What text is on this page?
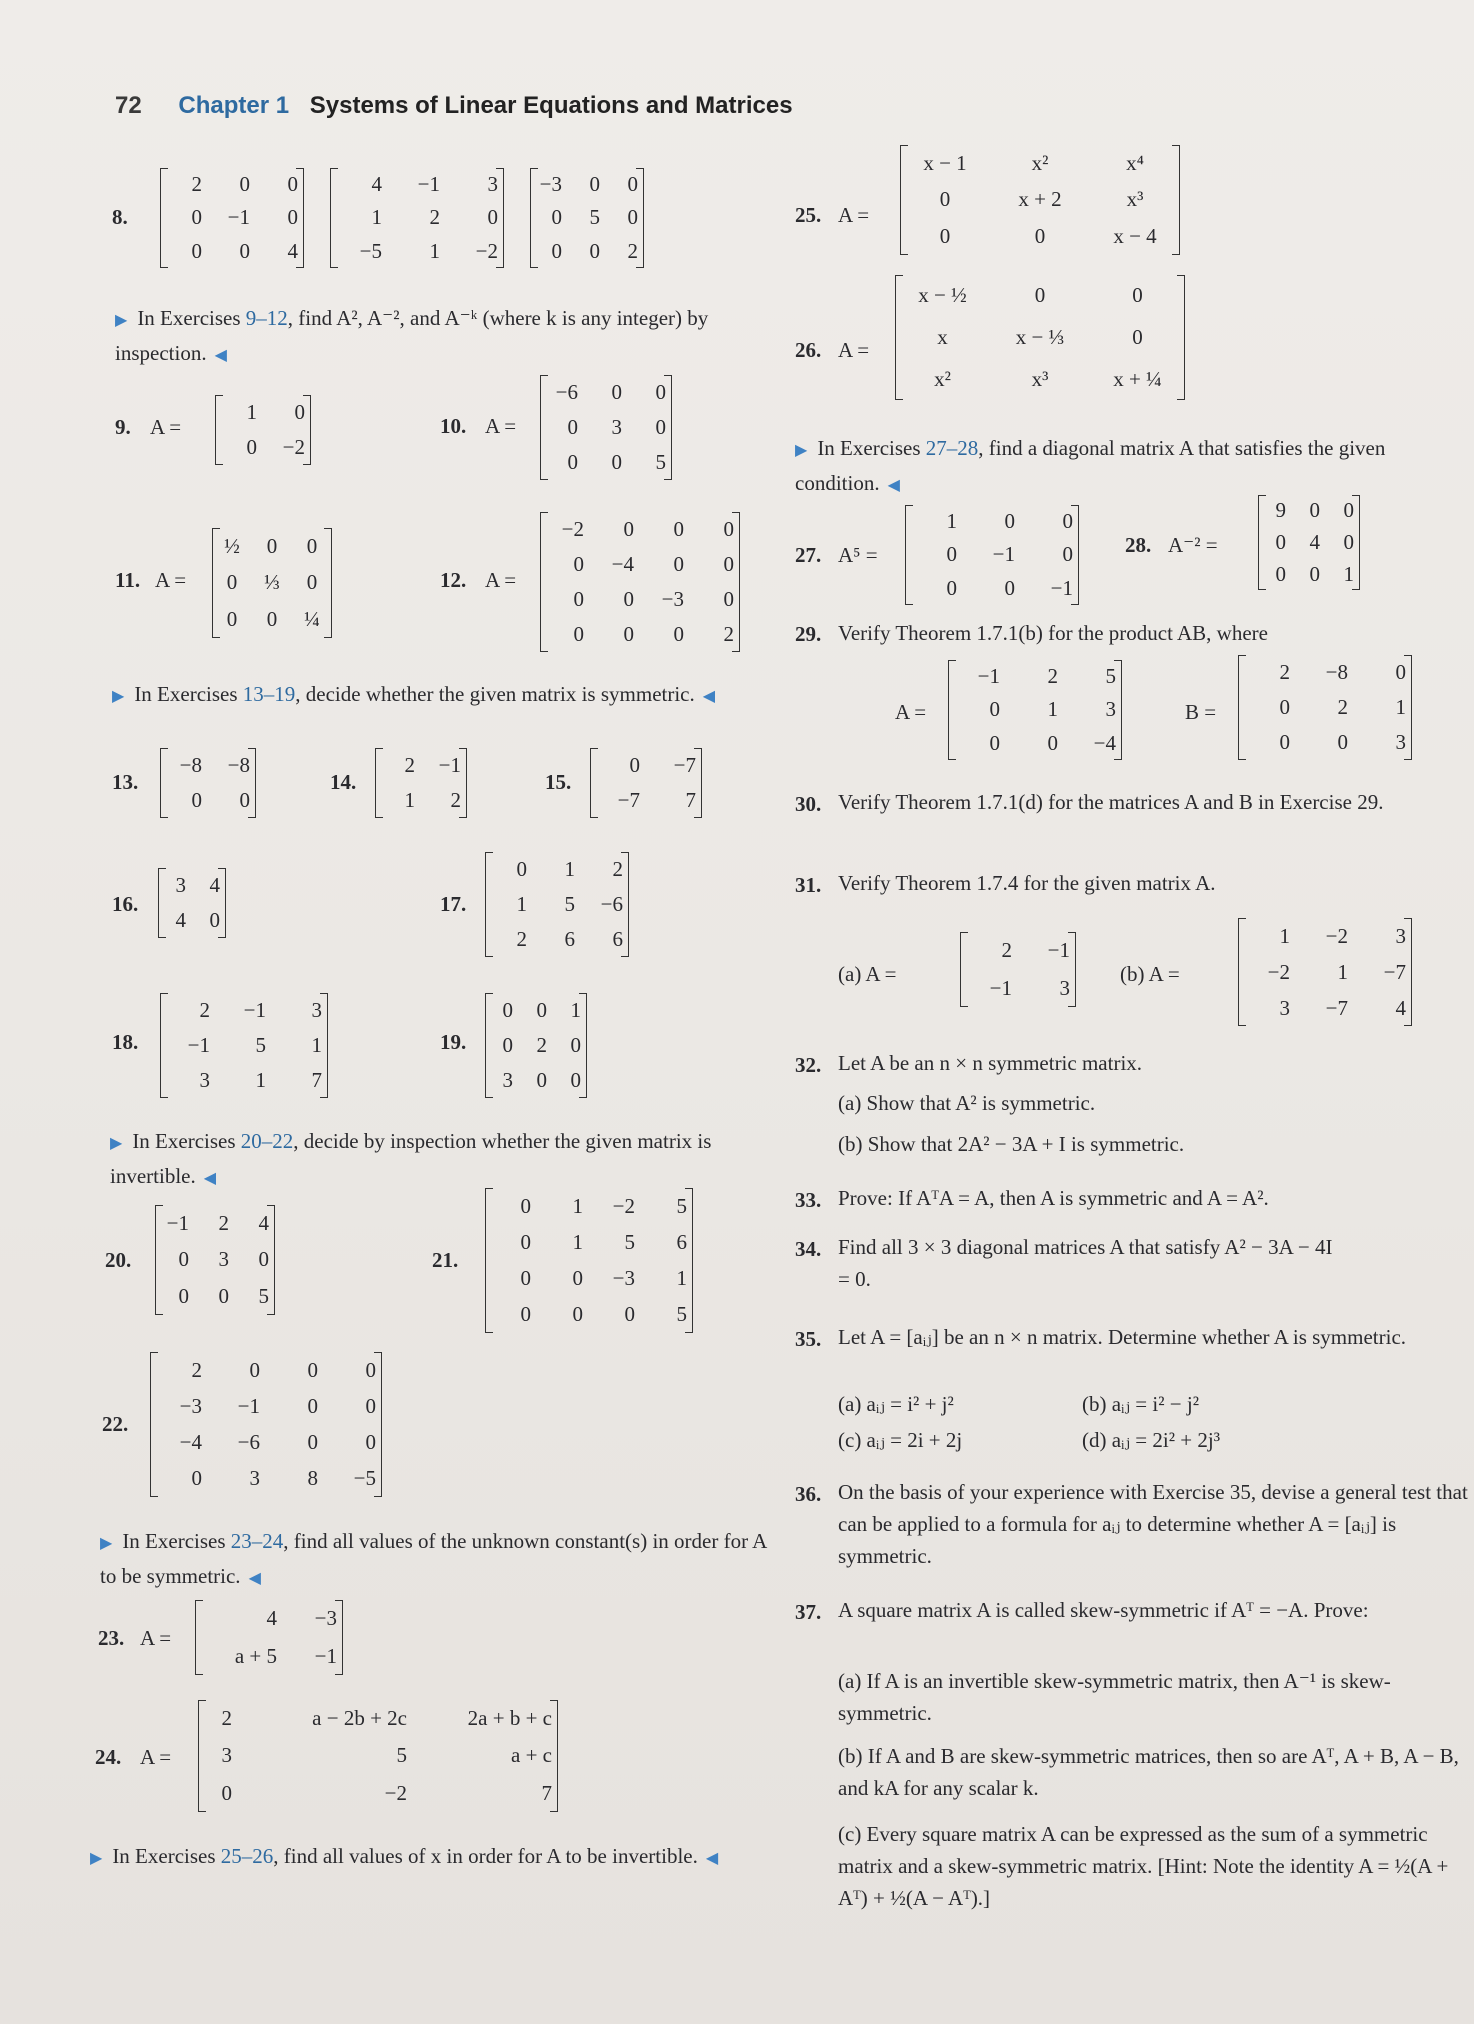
72 Chapter 1 Systems of Linear Equations and Matrices
8.
2	0	0
0	−1	0
0	0	4
4	−1	3
1	2	0
−5	1	−2
−3	0	0
0	5	0
0	0	2
▶ In Exercises 9–12, find A², A⁻², and A⁻ᵏ (where k is any integer) by inspection. ◀
9. A =
1	0
0	−2
10. A =
−6	0	0
0	3	0
0	0	5
11. A =
½	0	0
0	⅓	0
0	0	¼
12. A =
−2	0	0	0
0	−4	0	0
0	0	−3	0
0	0	0	2
▶ In Exercises 13–19, decide whether the given matrix is symmetric. ◀
13.
−8	−8
0	0
14.
2	−1
1	2
15.
0	−7
−7	7
16.
3	4
4	0
17.
0	1	2
1	5	−6
2	6	6
18.
2	−1	3
−1	5	1
3	1	7
19.
0	0	1
0	2	0
3	0	0
▶ In Exercises 20–22, decide by inspection whether the given matrix is invertible. ◀
20.
−1	2	4
0	3	0
0	0	5
21.
0	1	−2	5
0	1	5	6
0	0	−3	1
0	0	0	5
22.
2	0	0	0
−3	−1	0	0
−4	−6	0	0
0	3	8	−5
▶ In Exercises 23–24, find all values of the unknown constant(s) in order for A to be symmetric. ◀
23. A =
4	−3
a + 5	−1
24. A =
2	a − 2b + 2c	2a + b + c
3	5	a + c
0	−2	7
▶ In Exercises 25–26, find all values of x in order for A to be invertible. ◀
25. A =
x − 1	x²	x⁴
0	x + 2	x³
0	0	x − 4
26. A =
x − ½	0	0
x	x − ⅓	0
x²	x³	x + ¼
▶ In Exercises 27–28, find a diagonal matrix A that satisfies the given condition. ◀
27. A⁵ =
1	0	0
0	−1	0
0	0	−1
28. A⁻² =
9	0	0
0	4	0
0	0	1
29. Verify Theorem 1.7.1(b) for the product AB, where
A =
−1	2	5
0	1	3
0	0	−4
B =
2	−8	0
0	2	1
0	0	3
30. Verify Theorem 1.7.1(d) for the matrices A and B in Exercise 29.
31. Verify Theorem 1.7.4 for the given matrix A.
(a) A =
2	−1
−1	3
(b) A =
1	−2	3
−2	1	−7
3	−7	4
32. Let A be an n × n symmetric matrix.
(a) Show that A² is symmetric.
(b) Show that 2A² − 3A + I is symmetric.
33. Prove: If AᵀA = A, then A is symmetric and A = A².
34. Find all 3 × 3 diagonal matrices A that satisfy A² − 3A − 4I = 0.
35. Let A = [aᵢⱼ] be an n × n matrix. Determine whether A is symmetric.
(a) aᵢⱼ = i² + j²	(b) aᵢⱼ = i² − j²
(c) aᵢⱼ = 2i + 2j	(d) aᵢⱼ = 2i² + 2j³
36. On the basis of your experience with Exercise 35, devise a general test that can be applied to a formula for aᵢⱼ to determine whether A = [aᵢⱼ] is symmetric.
37. A square matrix A is called skew-symmetric if Aᵀ = −A. Prove:
(a) If A is an invertible skew-symmetric matrix, then A⁻¹ is skew-symmetric.
(b) If A and B are skew-symmetric matrices, then so are Aᵀ, A + B, A − B, and kA for any scalar k.
(c) Every square matrix A can be expressed as the sum of a symmetric matrix and a skew-symmetric matrix. [Hint: Note the identity A = ½(A + Aᵀ) + ½(A − Aᵀ).]
